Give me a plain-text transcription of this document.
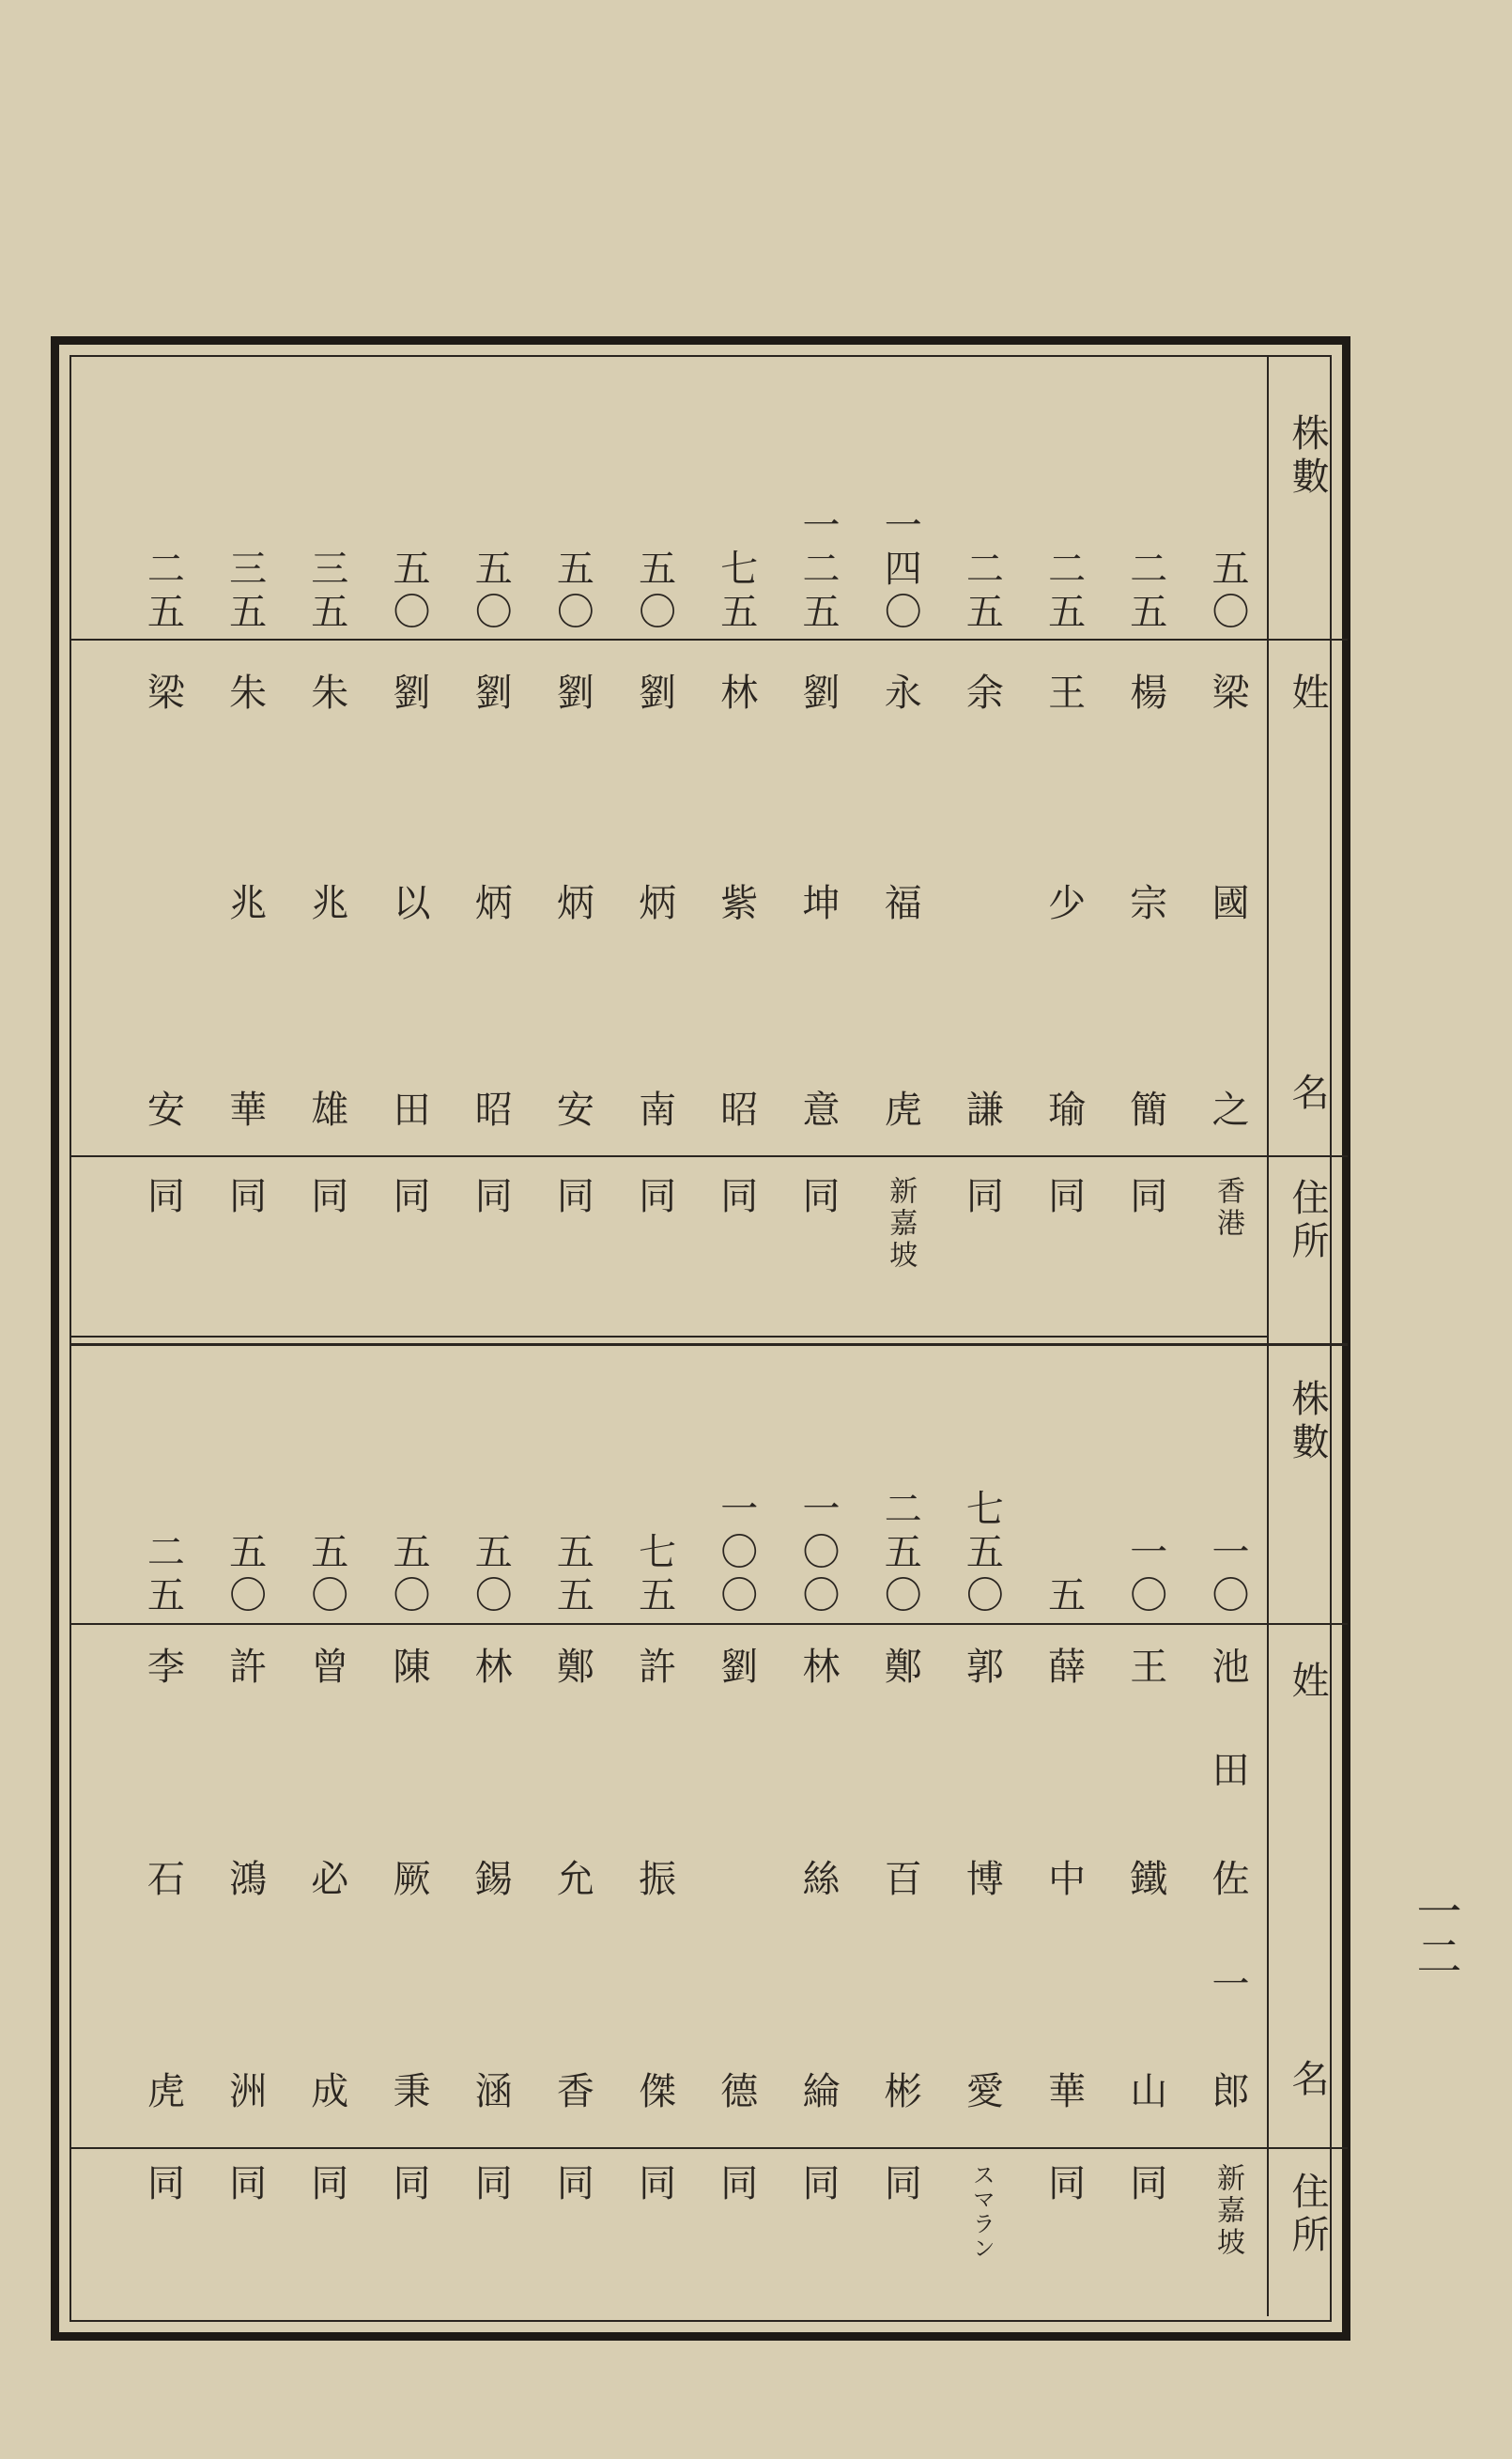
一二
株數
姓
名
住所
株數
姓
名
住所
五〇
梁
國
之
香港
二五
楊
宗
簡
同
二五
王
少
瑜
同
二五
余
謙
同
一四〇
永
福
虎
新嘉坡
一二五
劉
坤
意
同
七五
林
紫
昭
同
五〇
劉
炳
南
同
五〇
劉
炳
安
同
五〇
劉
炳
昭
同
五〇
劉
以
田
同
三五
朱
兆
雄
同
三五
朱
兆
華
同
二五
梁
安
同
一〇
池
田
佐
一
郎
新嘉坡
一〇
王
鐵
山
同
五
薛
中
華
同
七五〇
郭
博
愛
スマラン
二五〇
鄭
百
彬
同
一〇〇
林
絲
綸
同
一〇〇
劉
德
同
七五
許
振
傑
同
五五
鄭
允
香
同
五〇
林
錫
涵
同
五〇
陳
厥
秉
同
五〇
曾
必
成
同
五〇
許
鴻
洲
同
二五
李
石
虎
同
